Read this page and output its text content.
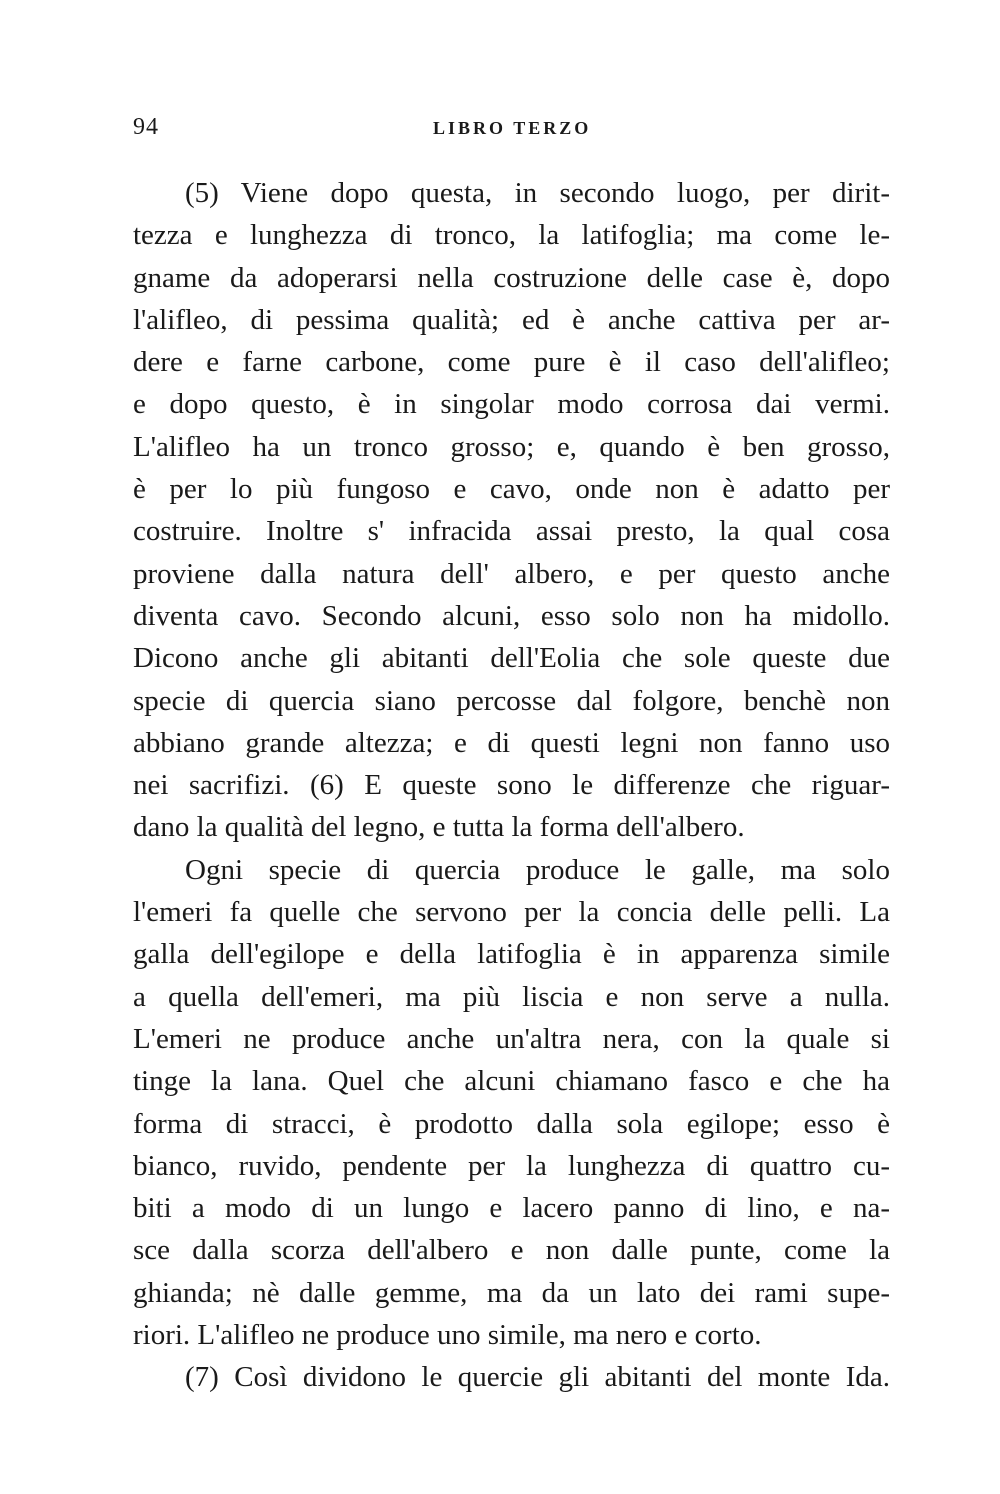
94	LIBRO TERZO
(5) Viene dopo questa, in secondo luogo, per dirit-
tezza e lunghezza di tronco, la latifoglia; ma come le-
gname da adoperarsi nella costruzione delle case è, dopo
l'alifleo, di pessima qualità; ed è anche cattiva per ar-
dere e farne carbone, come pure è il caso dell'alifleo;
e dopo questo, è in singolar modo corrosa dai vermi.
L'alifleo ha un tronco grosso; e, quando è ben grosso,
è per lo più fungoso e cavo, onde non è adatto per
costruire. Inoltre s' infracida assai presto, la qual cosa
proviene dalla natura dell' albero, e per questo anche
diventa cavo. Secondo alcuni, esso solo non ha midollo.
Dicono anche gli abitanti dell'Eolia che sole queste due
specie di quercia siano percosse dal folgore, benchè non
abbiano grande altezza; e di questi legni non fanno uso
nei sacrifizi. (6) E queste sono le differenze che riguar-
dano la qualità del legno, e tutta la forma dell'albero.
Ogni specie di quercia produce le galle, ma solo
l'emeri fa quelle che servono per la concia delle pelli. La
galla dell'egilope e della latifoglia è in apparenza simile
a quella dell'emeri, ma più liscia e non serve a nulla.
L'emeri ne produce anche un'altra nera, con la quale si
tinge la lana. Quel che alcuni chiamano fasco e che ha
forma di stracci, è prodotto dalla sola egilope; esso è
bianco, ruvido, pendente per la lunghezza di quattro cu-
biti a modo di un lungo e lacero panno di lino, e na-
sce dalla scorza dell'albero e non dalle punte, come la
ghianda; nè dalle gemme, ma da un lato dei rami supe-
riori. L'alifleo ne produce uno simile, ma nero e corto.
(7) Così dividono le quercie gli abitanti del monte Ida.
